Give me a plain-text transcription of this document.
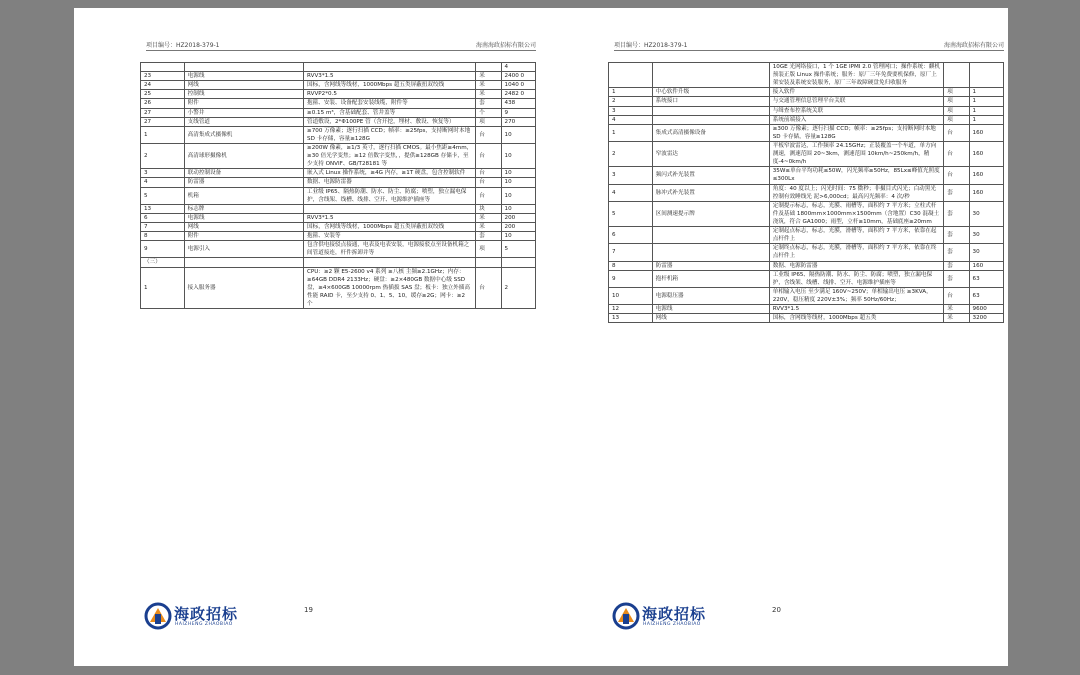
项目编号：HZ2018-379-1	海南海政招标有限公司
				4
23	电源线	RVV3*1.5	米	2400 0
24	网线	国标，含网线等线材，1000Mbps 超五类屏蔽扭双绞线	米	1040 0
25	控制线	RVVP2*0.5	米	2482 0
26	附件	抱箍、安装、设备配套安装线缆，附件等	套	438
27	小警井	≥0.15 m³，含基础配套、管井盖等	个	9
27	支线管道	管道敷设，2*Φ100PE 管（含开挖，埋材、敷设、恢复等）	项	270
1	高清集成式摄像机	≥700 万像素；逐行扫描 CCD；帧率：≥25fps，支持断网时本地 SD 卡存储，容量≥128G	台	10
2	高清球形摄像机	≥200W 像素，≥1/3 英寸，逐行扫描 CMOS。最小焦距≥4mm，≥30 倍光学变焦；≥12 倍数字变焦，，提供≥128GB 存储卡，至少支持 ONVIF、GB/T28181 等	台	10
3	联动控制设备	嵌入式 Linux 操作系统，≥4G 内存，≥1T 硬盘，包含控制软件	台	10
4	防雷器	数据、电源防雷器	台	10
5	机箱	工业级 IP65、隔热防潮、防水、防尘、防腐；喷塑，独立漏电保护，含线架、线槽、线排、空开、电源维护插座等	台	10
13	标志牌		块	10
6	电源线	RVV3*1.5	米	200
7	网线	国标，含网线等线材，1000Mbps 超五类屏蔽扭双绞线	米	200
8	附件	抱箍、安装等	套	10
9	电源引入	包含供电接驳点接通，电表及电表安装，电源接驳点至设备机箱之间管道接连，杆件拆卸并等	项	5
（三）				
1	接入服务器	CPU：≥2 颗 E5-2600 v4 系列 ≥八核 主频≥2.1GHz；内存：≥64GB DDR4 2133Hz；硬盘：≥2×480GB 数据中心级 SSD 盘，≥4×600GB 10000rpm 热插拔 SAS 盘；板卡：独立外插高性能 RAID 卡，至少支持 0、1、5、10，缓存≥2G；网卡：≥2 个	台	2
海政招标
HAIZHENG ZHAOBIAO
19
项目编号：HZ2018-379-1	海南海政招标有限公司
		10GE 光网络接口，1 个 1GE IPMI 2.0 管理网口；操作系统：麒机预装正版 Linux 操作系统；服务：原厂三年免费要机保修，原厂上架安装及系统安装服务，原厂三年故障硬盘免归收服务		
1	中心软件升级	接入软件	项	1
2	系统接口	与交通管理信息管理平台关联	项	1
3		与缉查布控系统关联	项	1
4		系统前端接入	项	1
1	集成式高清摄像设备	≥300 万像素；逐行扫描 CCD；帧率：≥25fps；支持断网时本地 SD 卡存储，容量≥128G	台	160
2	窄波雷达	平板窄波雷达，工作频率 24.15GHz；正装覆盖一个车道，单方向测速，测速范围 20~3km，测速范围 10km/h~250km/h，精度-4~0km/h	台	160
3	频闪式补光装置	35W≤单台平均功耗≤50W，闪光频率≥50Hz，85Lx≤峰值光照度≤300Lx	台	160
4	脉冲式补光装置	角度：40 度以上；闪光时间：75 微秒；非摄目式闪光；白动黑光控制有效睡线光 泥>6,000cd；最高闪光频率：4 次/秒	套	160
5	区间测速提示牌	定制提示标志，标志，光膜、雨槽等，面积约 7 平方米；立柱式杆件及基础 1800mm×1000mm×1500mm（含地置）C30 混凝土浇筑，符合 GA1000；雨型，立杆≥10mm，基础底座≥20mm	套	30
6		定制起点标志，标志，光膜，滑槽等，面积约 7 平方米，依靠在起点杆件上	套	30
7		定制终点标志，标志，光膜，滑槽等，面积约 7 平方米，依靠在终点杆件上	套	30
8	防雷器	数据、电源防雷器	套	160
9	抱杆机箱	工业级 IP65、隔热防潮、防水、防尘、防腐；喷塑，独立漏电保护，含线架、线槽、线排、空开、电源维护插座等	套	63
10	电源稳压器	单相输入电压 至少满足 160V~250V；单相输出电压 ≥3KVA，220V，稳压精度 220V±3%；频率 50Hz/60Hz；	台	63
12	电源线	RVV3*1.5	米	9600
13	网线	国标，含网线等线材，1000Mbps 超五类	米	3200
海政招标
HAIZHENG ZHAOBIAO
20
